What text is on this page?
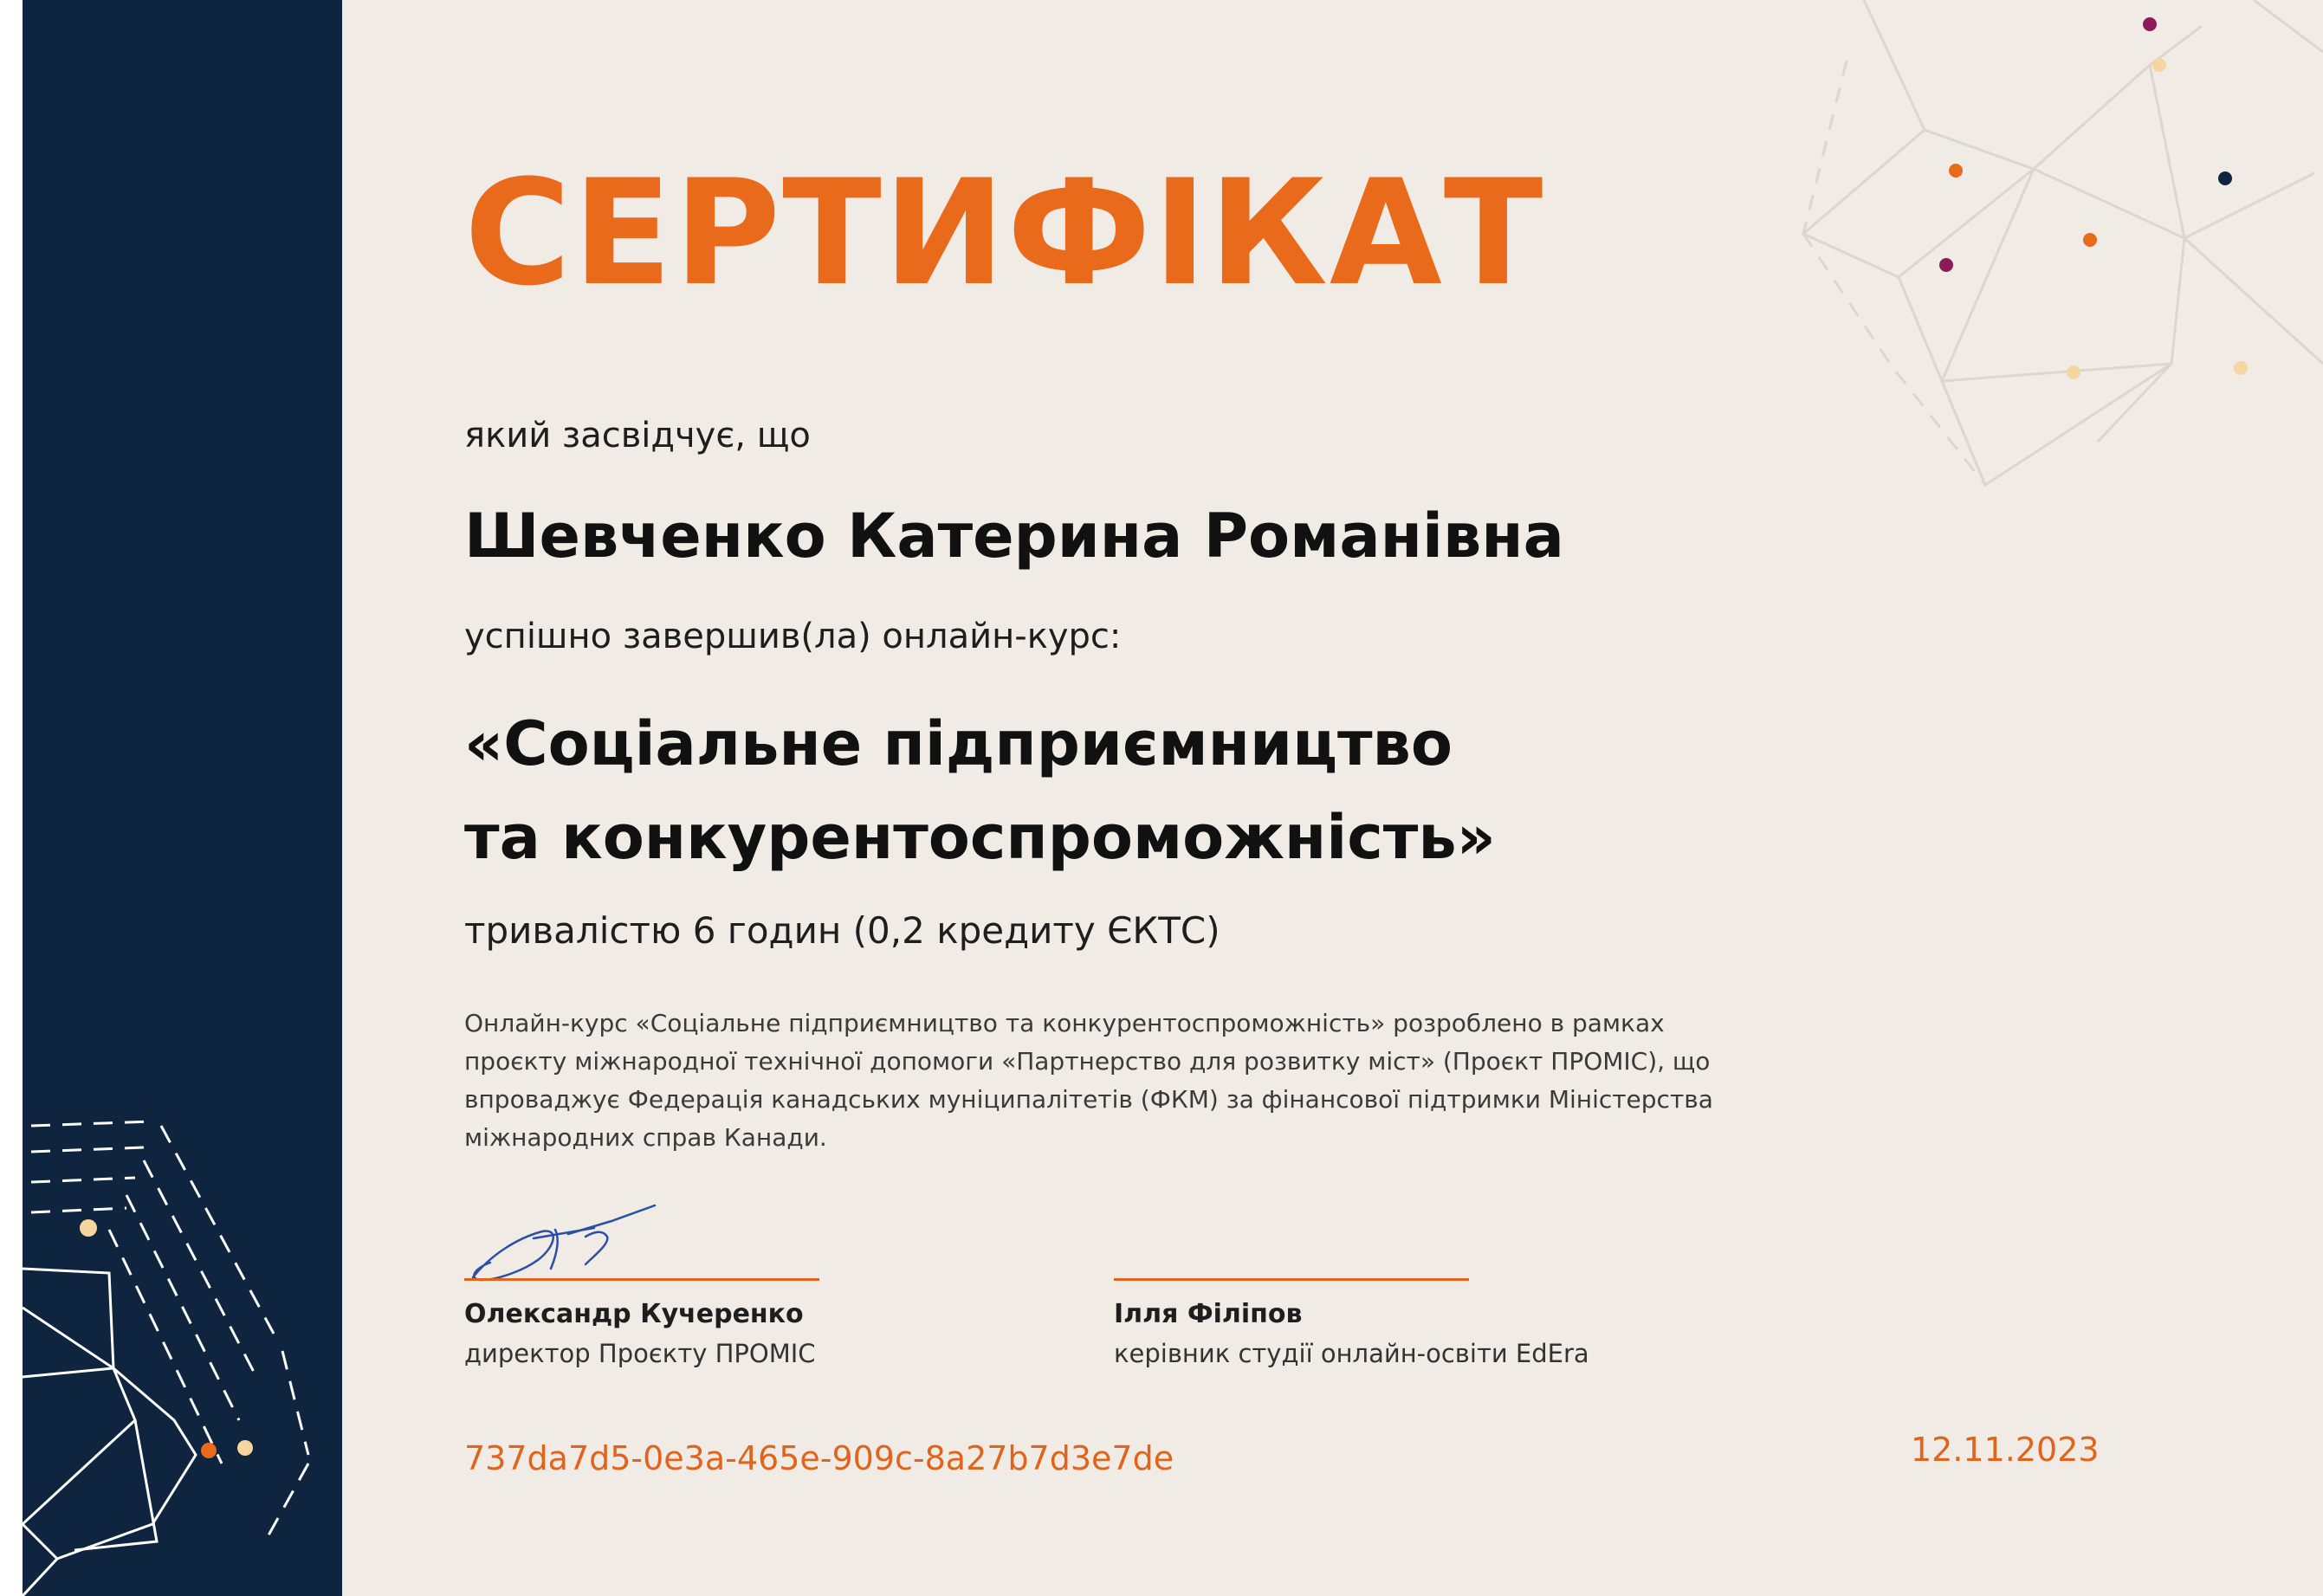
СЕРТИФІКАТ
який засвідчує, що
Шевченко Катерина Романівна
успішно завершив(ла) онлайн-курс:
«Соціальне підприємництво
та конкурентоспроможність»
тривалістю 6 годин (0,2 кредиту ЄКТС)
Онлайн-курс «Соціальне підприємництво та конкурентоспроможність» розроблено в рамках
проєкту міжнародної технічної допомоги «Партнерство для розвитку міст» (Проєкт ПРОМІС), що
впроваджує Федерація канадських муніципалітетів (ФКМ) за фінансової підтримки Міністерства
міжнародних справ Канади.
Олександр Кучеренко
директор Проєкту ПРОМІС
Ілля Філіпов
керівник студії онлайн-освіти EdEra
737da7d5-0e3a-465e-909c-8a27b7d3e7de	12.11.2023
